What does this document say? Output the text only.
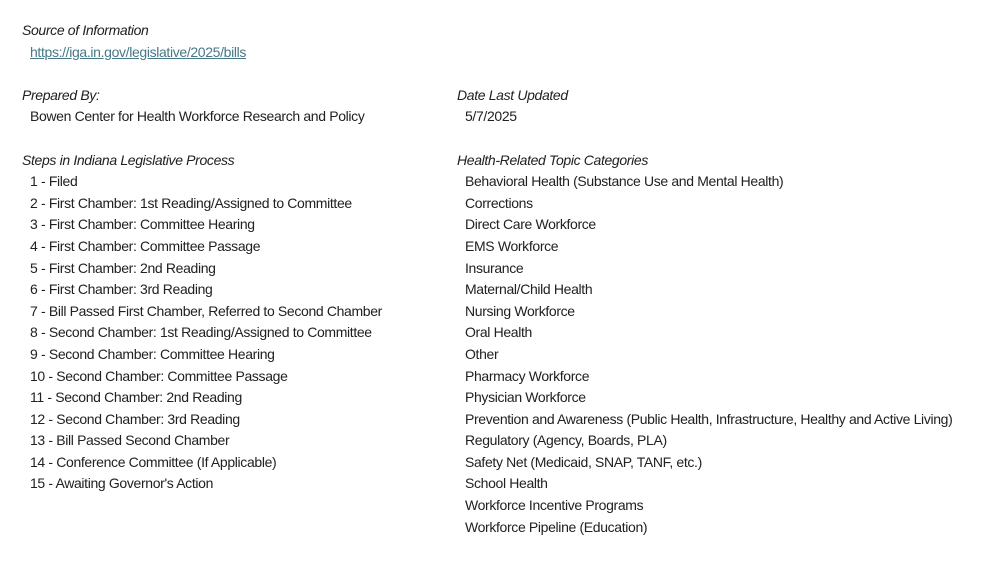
Source of Information
https://iga.in.gov/legislative/2025/bills
Prepared By:
Bowen Center for Health Workforce Research and Policy
Date Last Updated
5/7/2025
Steps in Indiana Legislative Process
1 - Filed
2 - First Chamber: 1st Reading/Assigned to Committee
3 - First Chamber: Committee Hearing
4 - First Chamber: Committee Passage
5 - First Chamber: 2nd Reading
6 - First Chamber: 3rd Reading
7 - Bill Passed First Chamber, Referred to Second Chamber
8 - Second Chamber: 1st Reading/Assigned to Committee
9 - Second Chamber: Committee Hearing
10 - Second Chamber: Committee Passage
11 - Second Chamber: 2nd Reading
12 - Second Chamber: 3rd Reading
13 - Bill Passed Second Chamber
14 - Conference Committee (If Applicable)
15 - Awaiting Governor's Action
Health-Related Topic Categories
Behavioral Health (Substance Use and Mental Health)
Corrections
Direct Care Workforce
EMS Workforce
Insurance
Maternal/Child Health
Nursing Workforce
Oral Health
Other
Pharmacy Workforce
Physician Workforce
Prevention and Awareness (Public Health, Infrastructure, Healthy and Active Living)
Regulatory (Agency, Boards, PLA)
Safety Net (Medicaid, SNAP, TANF, etc.)
School Health
Workforce Incentive Programs
Workforce Pipeline (Education)
